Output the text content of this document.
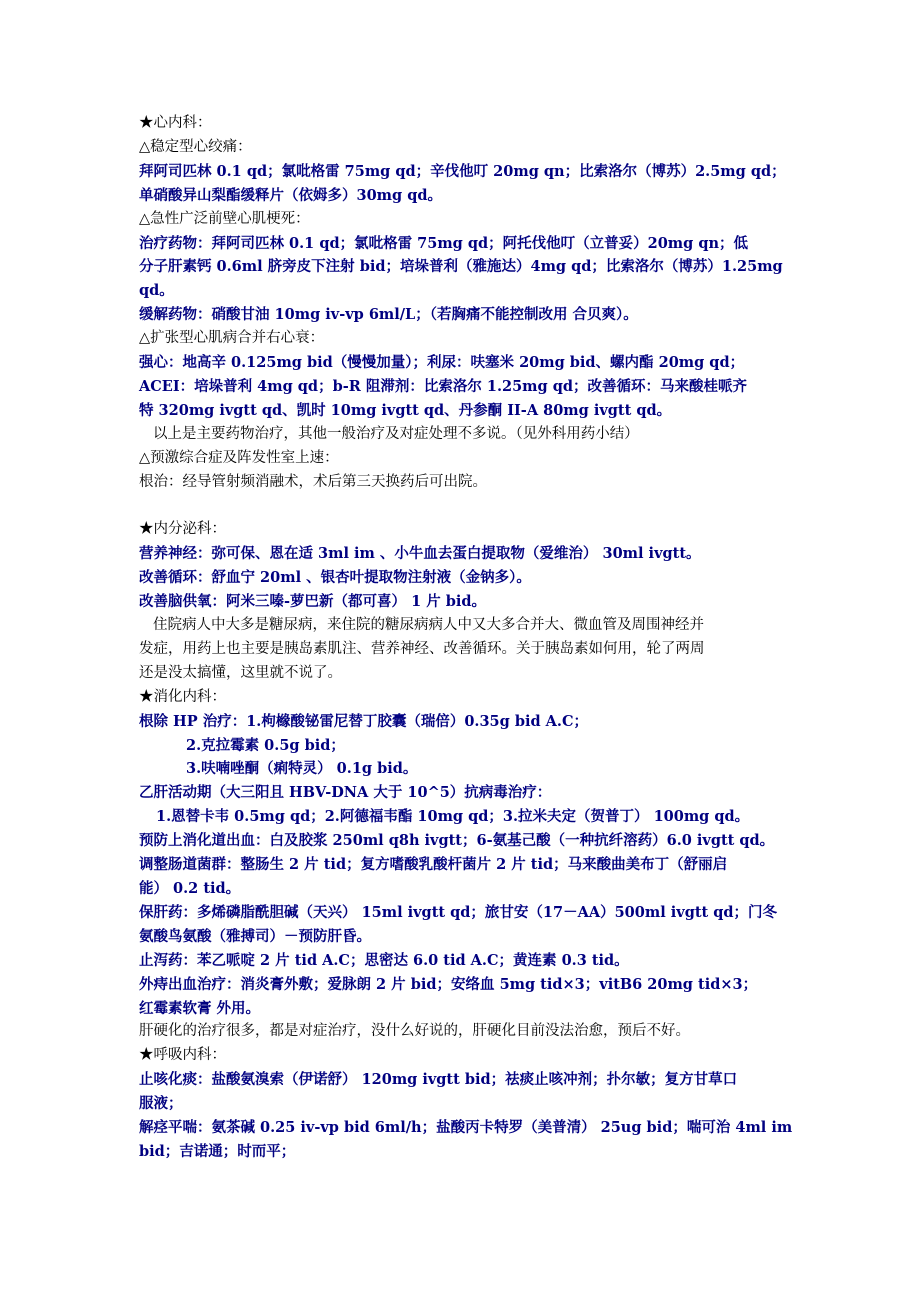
★心内科：
△稳定型心绞痛：
拜阿司匹林 0.1 qd；氯吡格雷 75mg qd；辛伐他叮 20mg qn；比索洛尔（博苏）2.5mg qd；
单硝酸异山梨酯缓释片（依姆多）30mg qd。
△急性广泛前壁心肌梗死：
治疗药物：拜阿司匹林 0.1 qd；氯吡格雷 75mg qd；阿托伐他叮（立普妥）20mg qn；低
分子肝素钙 0.6ml 脐旁皮下注射 bid；培垛普利（雅施达）4mg qd；比索洛尔（博苏）1.25mg
qd。
缓解药物：硝酸甘油 10mg iv-vp 6ml/L；（若胸痛不能控制改用 合贝爽）。
△扩张型心肌病合并右心衰：
强心：地高辛 0.125mg bid（慢慢加量）；利尿：呋塞米 20mg bid、螺内酯 20mg qd；
ACEI：培垛普利 4mg qd；b-R 阻滞剂：比索洛尔 1.25mg qd；改善循环：马来酸桂哌齐
特 320mg ivgtt qd、凯时 10mg ivgtt qd、丹参酮 II-A 80mg ivgtt qd。
以上是主要药物治疗，其他一般治疗及对症处理不多说。（见外科用药小结）
△预激综合症及阵发性室上速：
根治：经导管射频消融术，术后第三天换药后可出院。
★内分泌科：
营养神经：弥可保、恩在适 3ml im 、小牛血去蛋白提取物（爱维治） 30ml ivgtt。
改善循环：舒血宁 20ml 、银杏叶提取物注射液（金钠多）。
改善脑供氧：阿米三嗪-萝巴新（都可喜） 1 片 bid。
住院病人中大多是糖尿病，来住院的糖尿病病人中又大多合并大、微血管及周围神经并
发症，用药上也主要是胰岛素肌注、营养神经、改善循环。关于胰岛素如何用，轮了两周
还是没太搞懂，这里就不说了。
★消化内科：
根除 HP 治疗：1.枸橼酸铋雷尼替丁胶囊（瑞倍）0.35g bid A.C；
2.克拉霉素 0.5g bid；
3.呋喃唑酮（痢特灵） 0.1g bid。
乙肝活动期（大三阳且 HBV-DNA 大于 10^5）抗病毒治疗：
1.恩替卡韦 0.5mg qd；2.阿德福韦酯 10mg qd；3.拉米夫定（贺普丁） 100mg qd。
预防上消化道出血：白及胶浆 250ml q8h ivgtt；6-氨基己酸（一种抗纤溶药）6.0 ivgtt qd。
调整肠道菌群：整肠生 2 片 tid；复方嗜酸乳酸杆菌片 2 片 tid；马来酸曲美布丁（舒丽启
能） 0.2 tid。
保肝药：多烯磷脂酰胆碱（天兴） 15ml ivgtt qd；旅甘安（17－AA）500ml ivgtt qd；门冬
氨酸鸟氨酸（雅搏司）－预防肝昏。
止泻药：苯乙哌啶 2 片 tid A.C；思密达 6.0 tid A.C；黄连素 0.3 tid。
外痔出血治疗：消炎膏外敷；爱脉朗 2 片 bid；安络血 5mg tid×3；vitB6 20mg tid×3；
红霉素软膏 外用。
肝硬化的治疗很多，都是对症治疗，没什么好说的，肝硬化目前没法治愈，预后不好。
★呼吸内科：
止咳化痰：盐酸氨溴索（伊诺舒） 120mg ivgtt bid；祛痰止咳冲剂；扑尔敏；复方甘草口
服液；
解痉平喘：氨茶碱 0.25 iv-vp bid 6ml/h；盐酸丙卡特罗（美普清） 25ug bid；喘可治 4ml im
bid；吉诺通；时而平；
